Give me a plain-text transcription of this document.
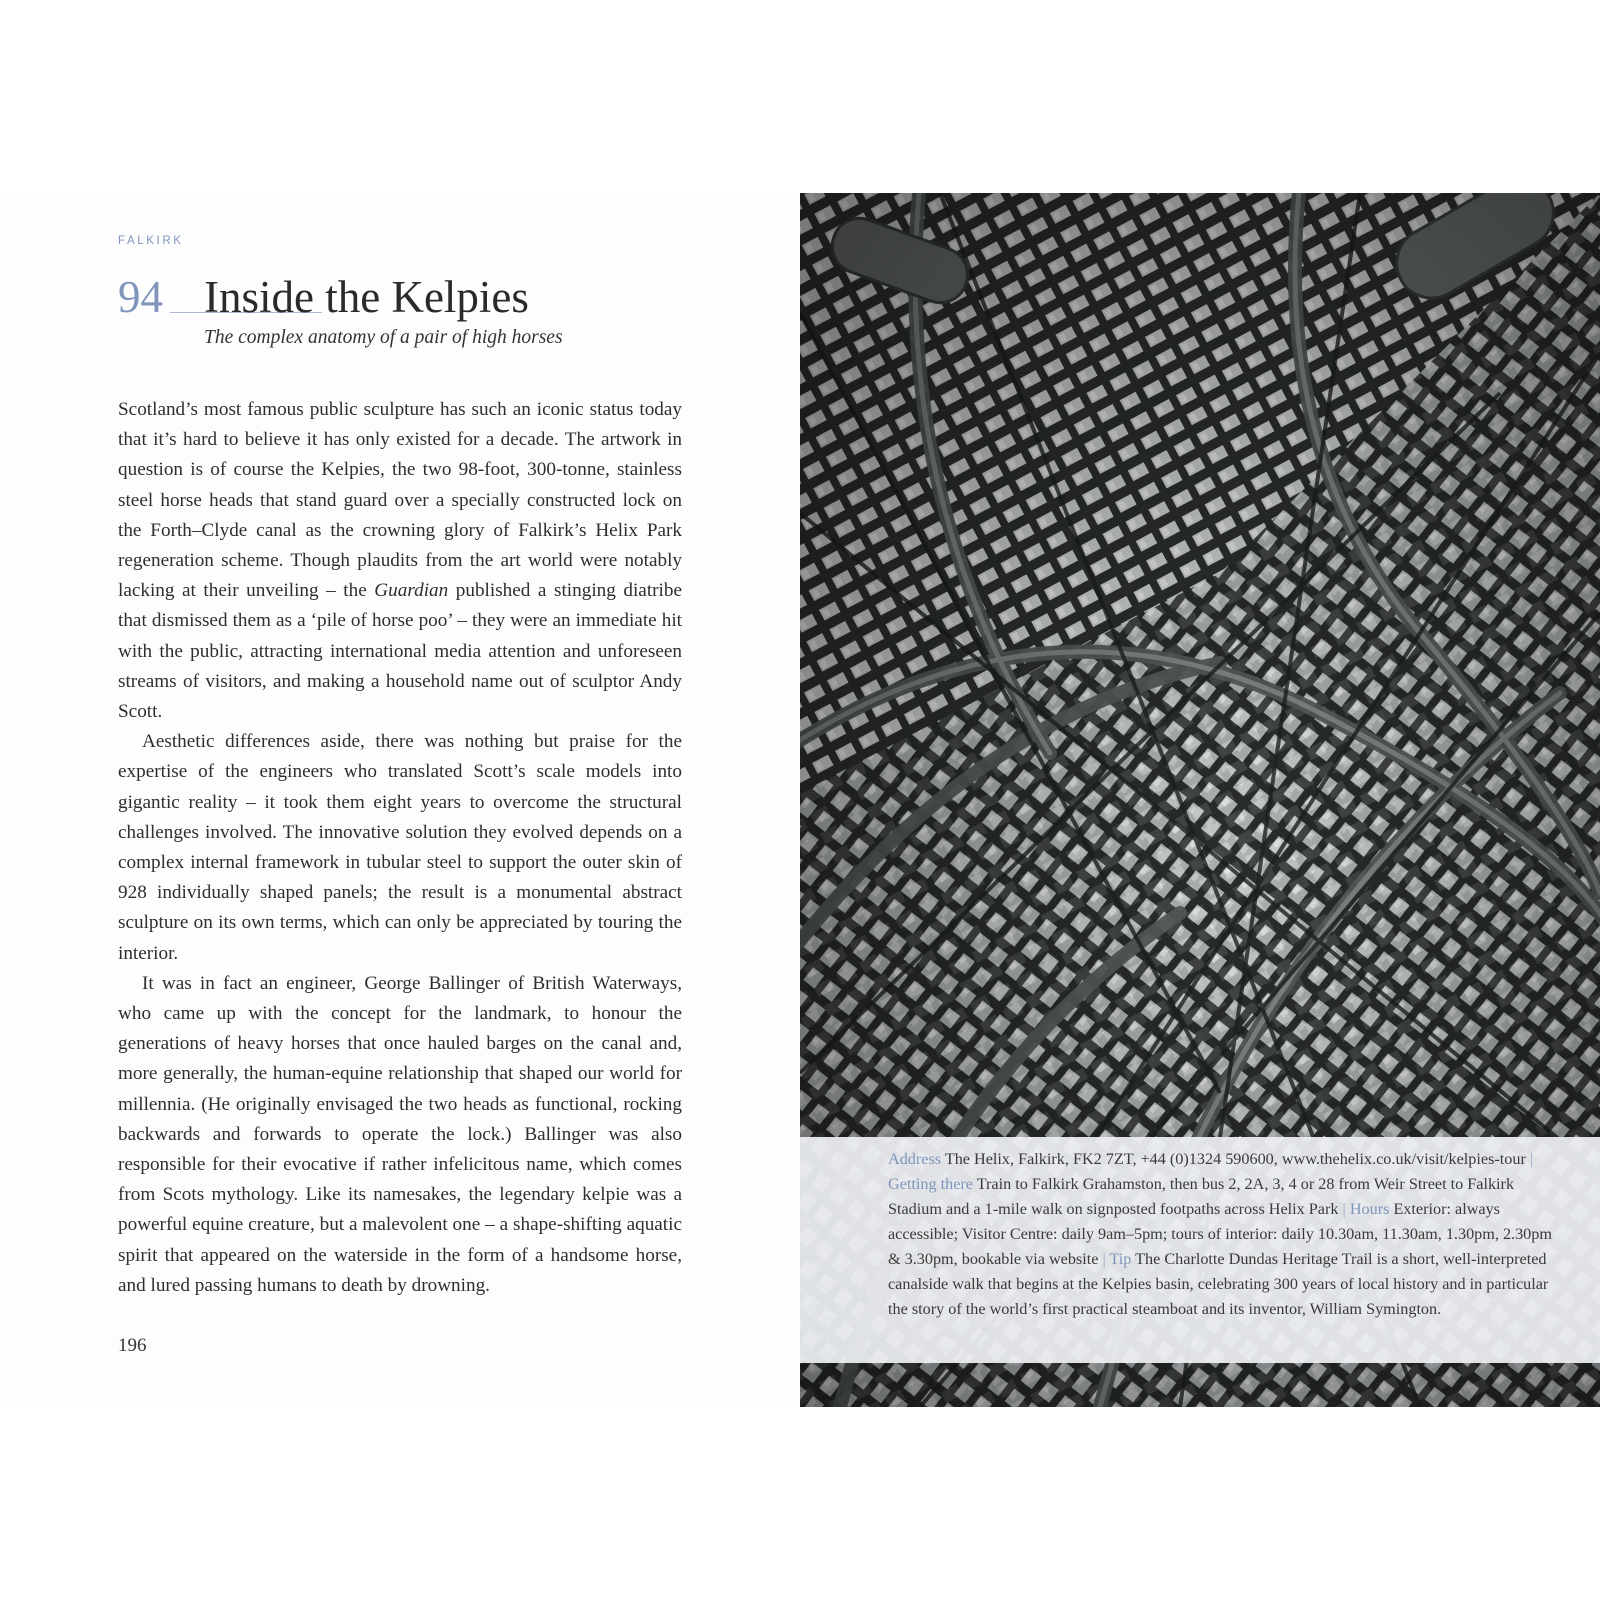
FALKIRK
94 Inside the Kelpies
The complex anatomy of a pair of high horses

Scotland’s most famous public sculpture has such an iconic status today that it’s hard to believe it has only existed for a decade. The artwork in question is of course the Kelpies, the two 98-foot, 300-tonne, stainless steel horse heads that stand guard over a specially constructed lock on the Forth–Clyde canal as the crowning glory of Falkirk’s Helix Park regeneration scheme. Though plaudits from the art world were notably lacking at their unveiling – the Guardian published a stinging diatribe that dismissed them as a ‘pile of horse poo’ – they were an immediate hit with the public, attracting international media attention and unforeseen streams of visitors, and making a household name out of sculptor Andy Scott.

Aesthetic differences aside, there was nothing but praise for the expertise of the engineers who translated Scott’s scale models into gigantic reality – it took them eight years to overcome the structural challenges involved. The innovative solution they evolved depends on a complex internal framework in tubular steel to support the outer skin of 928 individually shaped panels; the result is a monumental abstract sculpture on its own terms, which can only be appreciated by touring the interior.

It was in fact an engineer, George Ballinger of British Waterways, who came up with the concept for the landmark, to honour the generations of heavy horses that once hauled barges on the canal and, more generally, the human-equine relationship that shaped our world for millennia. (He originally envisaged the two heads as functional, rocking backwards and forwards to operate the lock.) Ballinger was also responsible for their evocative if rather infelicitous name, which comes from Scots mythology. Like its namesakes, the legendary kelpie was a powerful equine creature, but a malevolent one – a shape-shifting aquatic spirit that appeared on the waterside in the form of a handsome horse, and lured passing humans to death by drowning.

196
Address The Helix, Falkirk, FK2 7ZT, +44 (0)1324 590600, www.thehelix.co.uk/visit/kelpies-tour | Getting there Train to Falkirk Grahamston, then bus 2, 2A, 3, 4 or 28 from Weir Street to Falkirk Stadium and a 1-mile walk on signposted footpaths across Helix Park | Hours Exterior: always accessible; Visitor Centre: daily 9am–5pm; tours of interior: daily 10.30am, 11.30am, 1.30pm, 2.30pm & 3.30pm, bookable via website | Tip The Charlotte Dundas Heritage Trail is a short, well-interpreted canalside walk that begins at the Kelpies basin, celebrating 300 years of local history and in particular the story of the world’s first practical steamboat and its inventor, William Symington.
